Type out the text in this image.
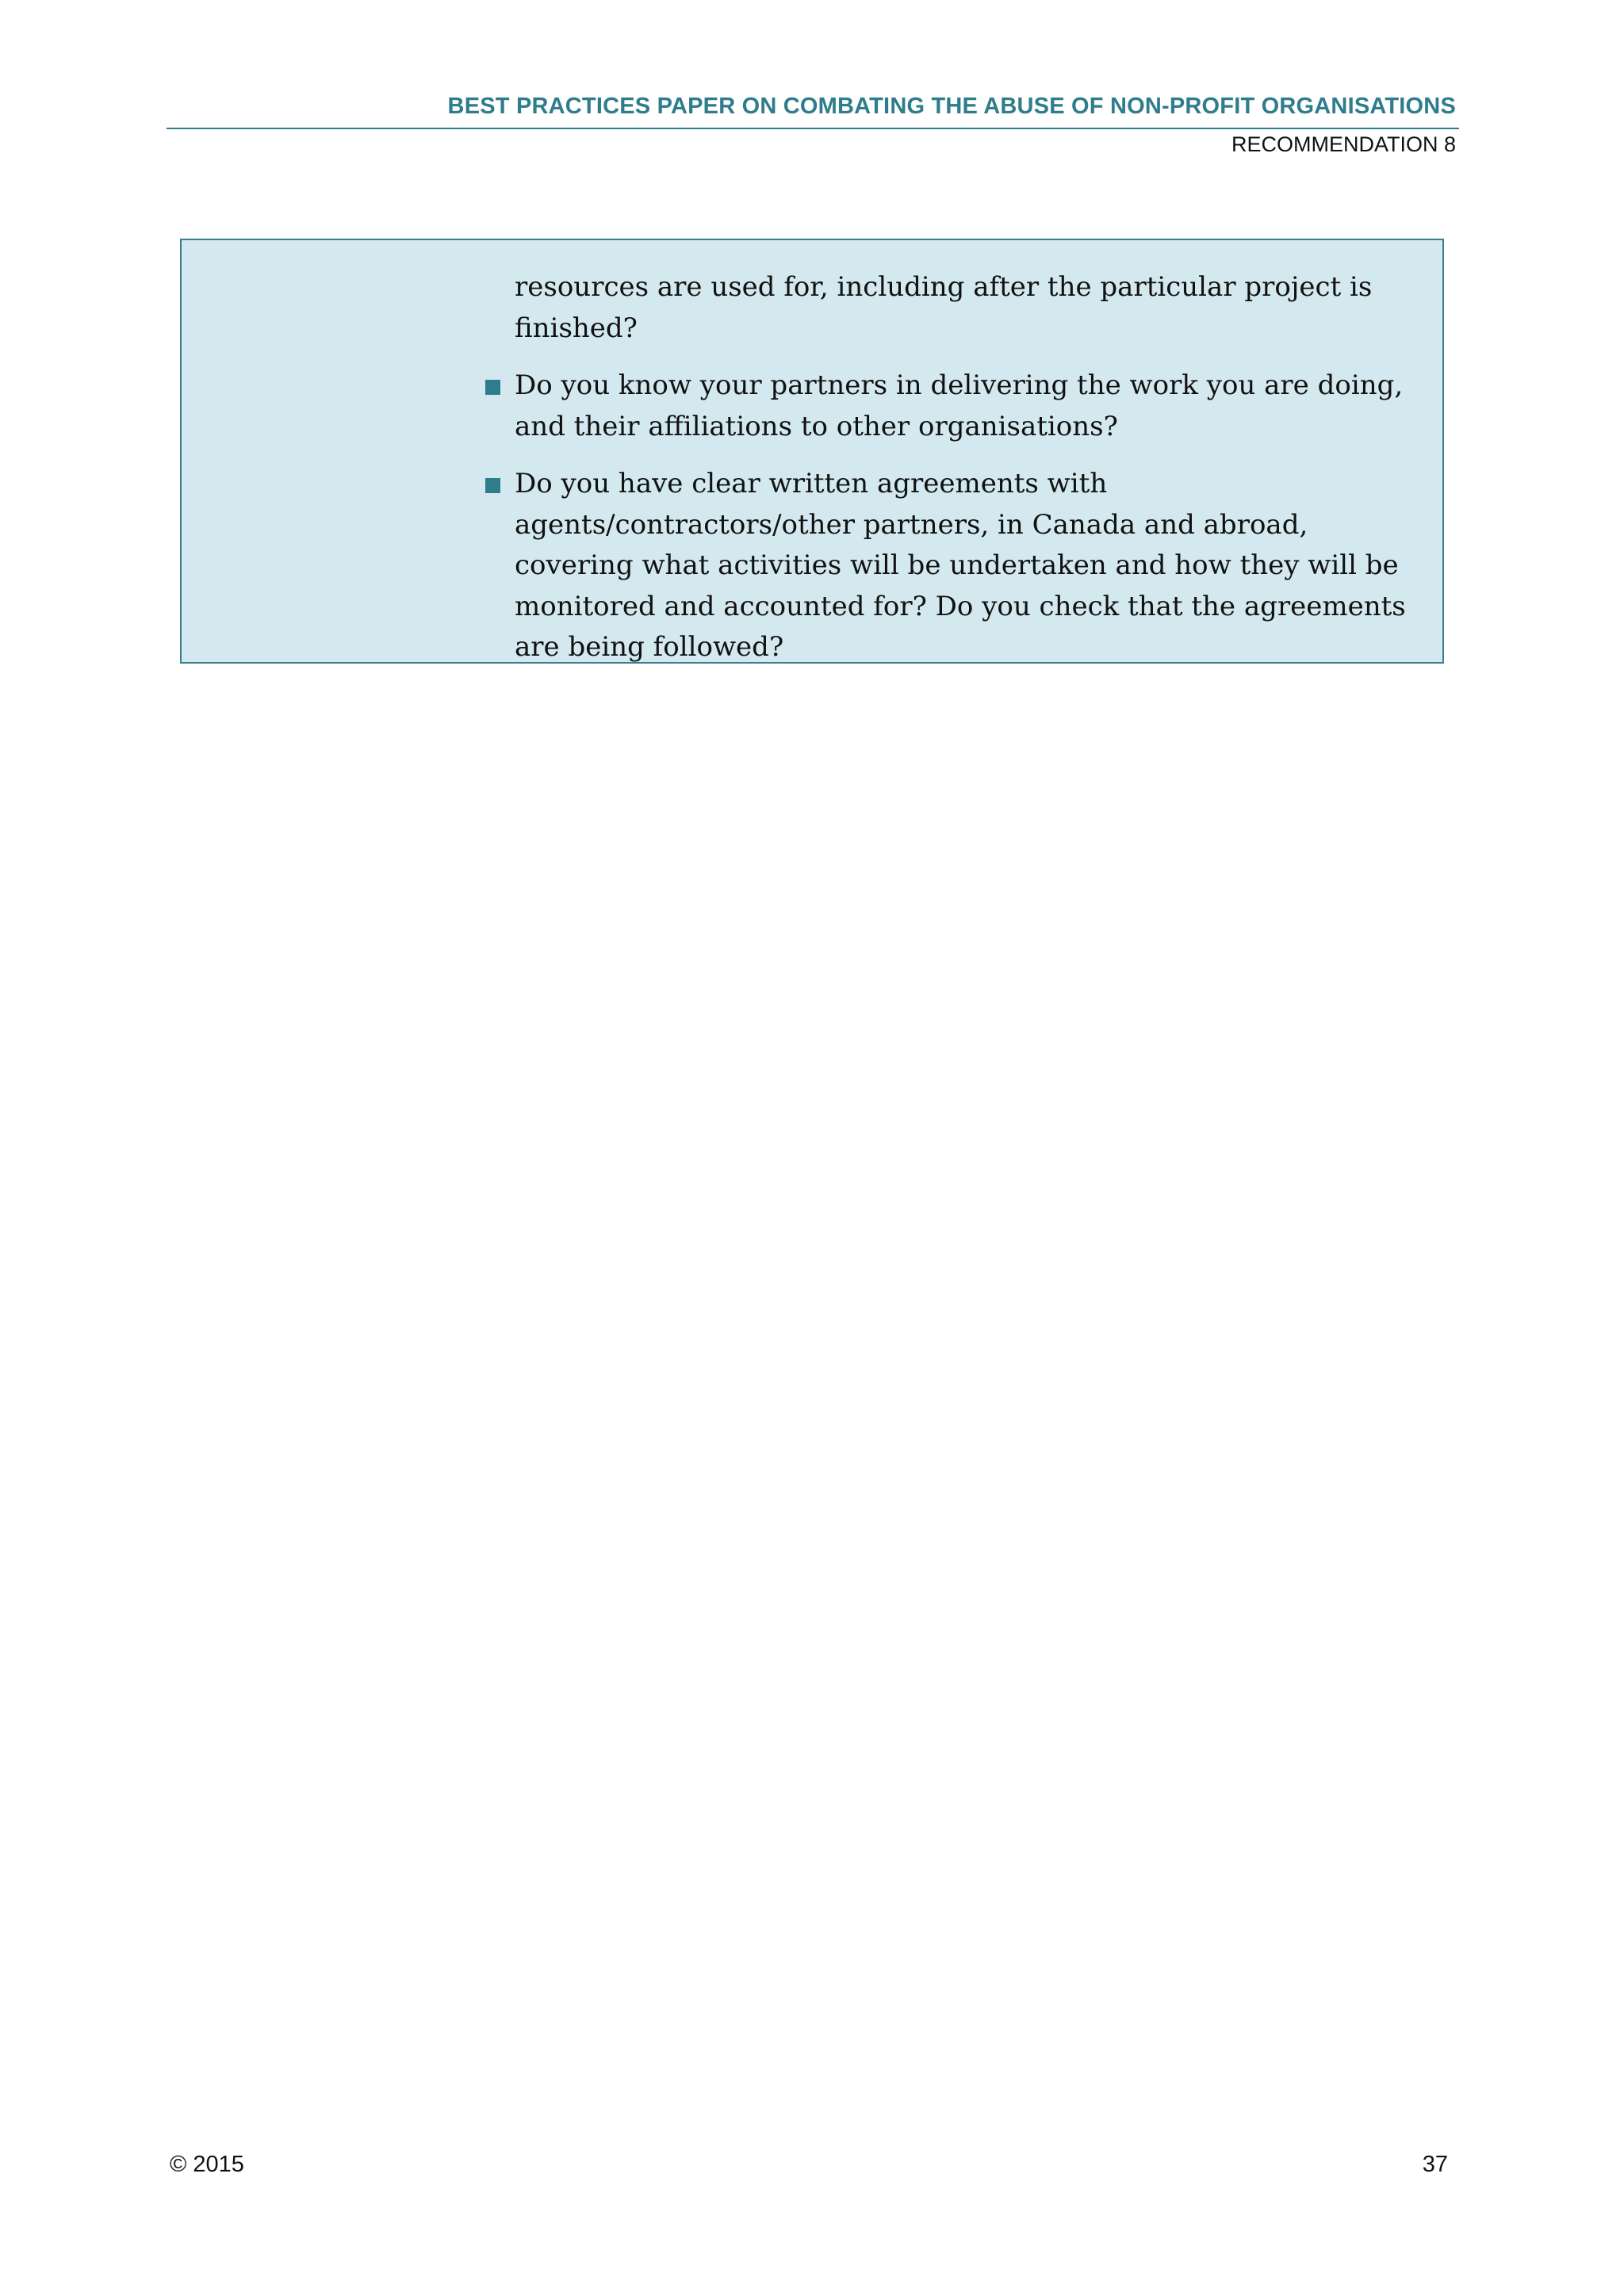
BEST PRACTICES PAPER ON COMBATING THE ABUSE OF NON-PROFIT ORGANISATIONS
RECOMMENDATION 8

resources are used for, including after the particular project is finished?

Do you know your partners in delivering the work you are doing, and their affiliations to other organisations?
Do you have clear written agreements with agents/contractors/other partners, in Canada and abroad, covering what activities will be undertaken and how they will be monitored and accounted for? Do you check that the agreements are being followed?
© 2015	37
